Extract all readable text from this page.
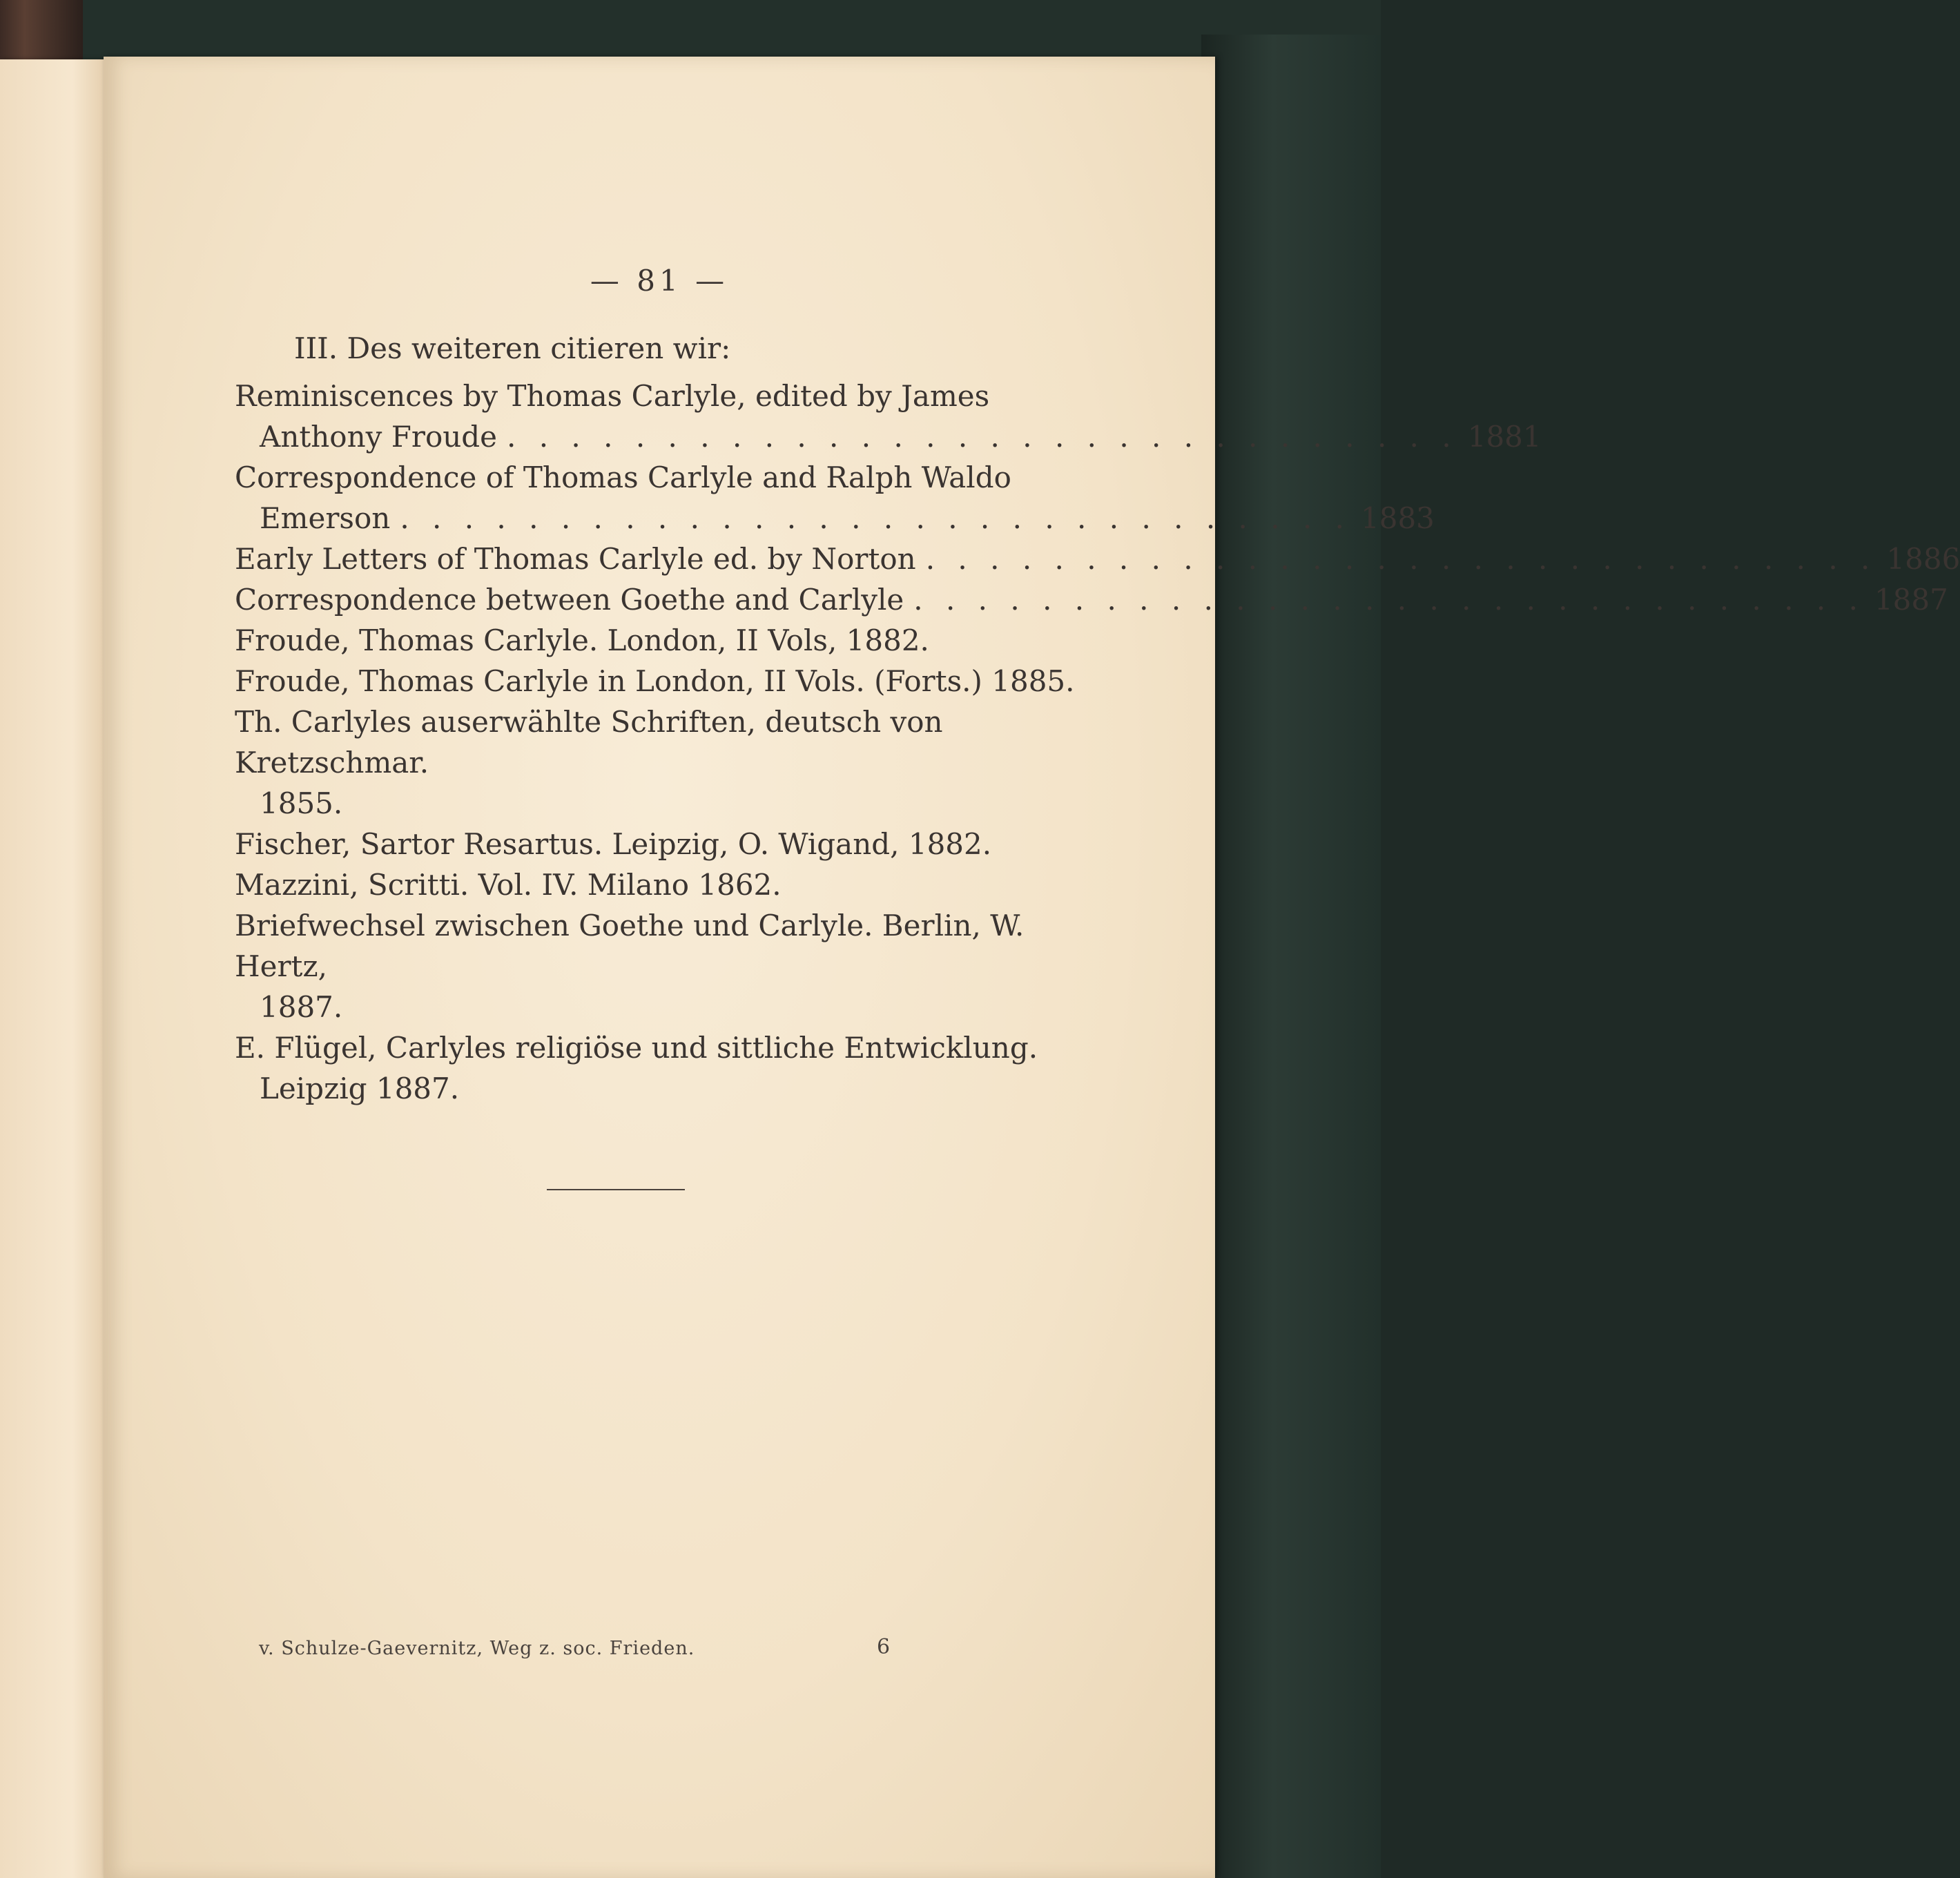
— 81 —
III. Des weiteren citieren wir:
Reminiscences by Thomas Carlyle, edited by James
Anthony Froude . . . . . . . . . . . . . . . . . . . . . . . . . . . . . . 1881
Correspondence of Thomas Carlyle and Ralph Waldo
Emerson . . . . . . . . . . . . . . . . . . . . . . . . . . . . . . 1883
Early Letters of Thomas Carlyle ed. by Norton . . . . . . . . . . . . . . . . . . . . . . . . . . . . . . 1886
Correspondence between Goethe and Carlyle . . . . . . . . . . . . . . . . . . . . . . . . . . . . . . 1887
Froude, Thomas Carlyle. London, II Vols, 1882.
Froude, Thomas Carlyle in London, II Vols. (Forts.) 1885.
Th. Carlyles auserwählte Schriften, deutsch von Kretzschmar.
1855.
Fischer, Sartor Resartus. Leipzig, O. Wigand, 1882.
Mazzini, Scritti. Vol. IV. Milano 1862.
Briefwechsel zwischen Goethe und Carlyle. Berlin, W. Hertz,
1887.
E. Flügel, Carlyles religiöse und sittliche Entwicklung.
Leipzig 1887.
v. Schulze-Gaevernitz, Weg z. soc. Frieden.	6
